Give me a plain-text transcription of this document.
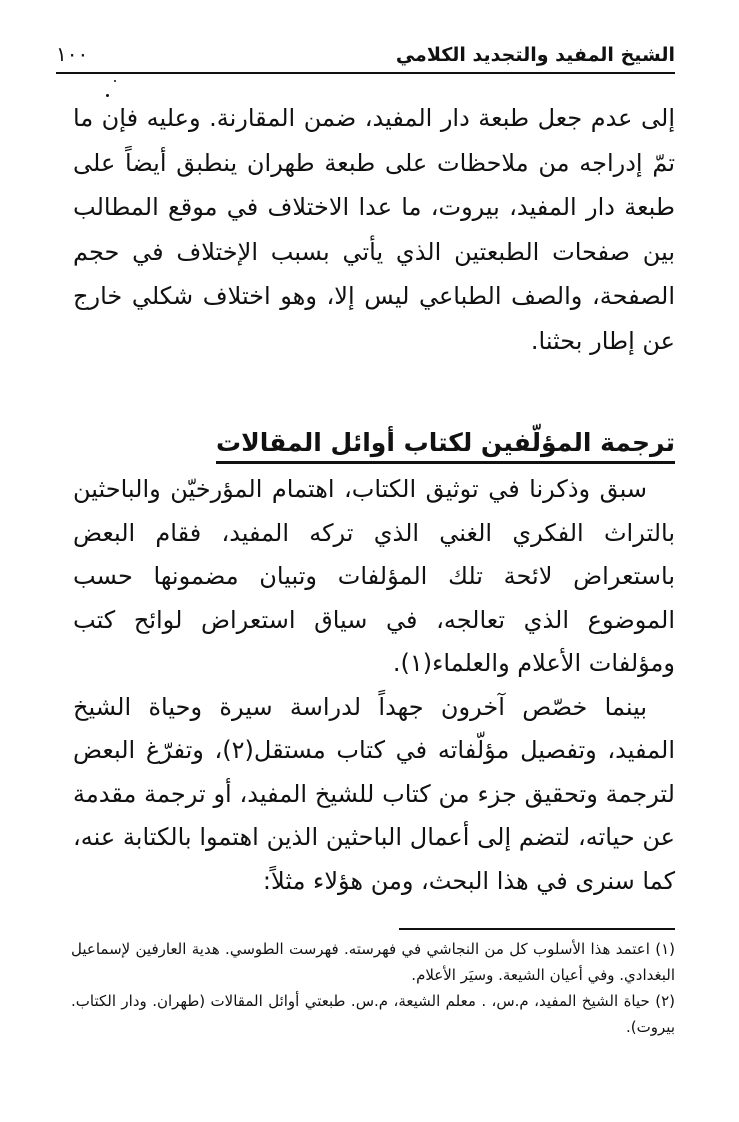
الشيخ المفيد والتجديد الكلامي
١٠٠

إلى عدم جعل طبعة دار المفيد، ضمن المقارنة. وعليه فإن ما تمّ إدراجه من ملاحظات على طبعة طهران ينطبق أيضاً على طبعة دار المفيد، بيروت، ما عدا الاختلاف في موقع المطالب بين صفحات الطبعتين الذي يأتي بسبب الإختلاف في حجم الصفحة، والصف الطباعي ليس إلا، وهو اختلاف شكلي خارج عن إطار بحثنا.

ترجمة المؤلّفين لكتاب أوائل المقالات

سبق وذكرنا في توثيق الكتاب، اهتمام المؤرخيّن والباحثين بالتراث الفكري الغني الذي تركه المفيد، فقام البعض باستعراض لائحة تلك المؤلفات وتبيان مضمونها حسب الموضوع الذي تعالجه، في سياق استعراض لوائح كتب ومؤلفات الأعلام والعلماء(١).

بينما خصّص آخرون جهداً لدراسة سيرة وحياة الشيخ المفيد، وتفصيل مؤلّفاته في كتاب مستقل(٢)، وتفرّغ البعض لترجمة وتحقيق جزء من كتاب للشيخ المفيد، أو ترجمة مقدمة عن حياته، لتضم إلى أعمال الباحثين الذين اهتموا بالكتابة عنه، كما سنرى في هذا البحث، ومن هؤلاء مثلاً:

(١) اعتمد هذا الأسلوب كل من النجاشي في فهرسته. فهرست الطوسي. هدية العارفين لإسماعيل البغدادي. وفي أعيان الشيعة. وسيَر الأعلام.

(٢) حياة الشيخ المفيد، م.س، . معلم الشيعة، م.س. طبعتي أوائل المقالات (طهران. ودار الكتاب. بيروت).
